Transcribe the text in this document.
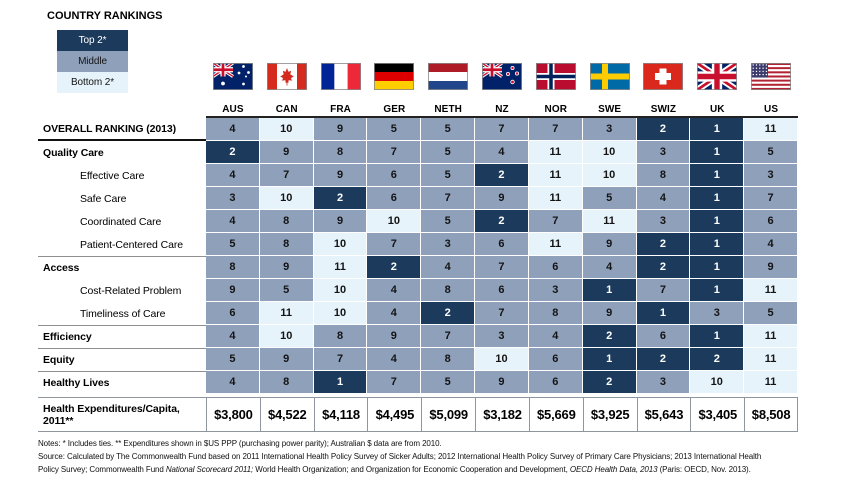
COUNTRY RANKINGS
Top 2*
Middle
Bottom 2*
AUS	CAN	FRA	GER	NETH	NZ	NOR	SWE	SWIZ	UK	US
OVERALL RANKING (2013)	4	10	9	5	5	7	7	3	2	1	11
Quality Care	2	9	8	7	5	4	11	10	3	1	5
Effective Care	4	7	9	6	5	2	11	10	8	1	3
Safe Care	3	10	2	6	7	9	11	5	4	1	7
Coordinated Care	4	8	9	10	5	2	7	11	3	1	6
Patient-Centered Care	5	8	10	7	3	6	11	9	2	1	4
Access	8	9	11	2	4	7	6	4	2	1	9
Cost-Related Problem	9	5	10	4	8	6	3	1	7	1	11
Timeliness of Care	6	11	10	4	2	7	8	9	1	3	5
Efficiency	4	10	8	9	7	3	4	2	6	1	11
Equity	5	9	7	4	8	10	6	1	2	2	11
Healthy Lives	4	8	1	7	5	9	6	2	3	10	11
Health Expenditures/Capita, 2011**	$3,800	$4,522	$4,118	$4,495	$5,099	$3,182	$5,669	$3,925	$5,643	$3,405	$8,508
Notes: * Includes ties. ** Expenditures shown in $US PPP (purchasing power parity); Australian $ data are from 2010.
Source: Calculated by The Commonwealth Fund based on 2011 International Health Policy Survey of Sicker Adults; 2012 International Health Policy Survey of Primary Care Physicians; 2013 International Health
Policy Survey; Commonwealth Fund National Scorecard 2011; World Health Organization; and Organization for Economic Cooperation and Development, OECD Health Data, 2013 (Paris: OECD, Nov. 2013).
